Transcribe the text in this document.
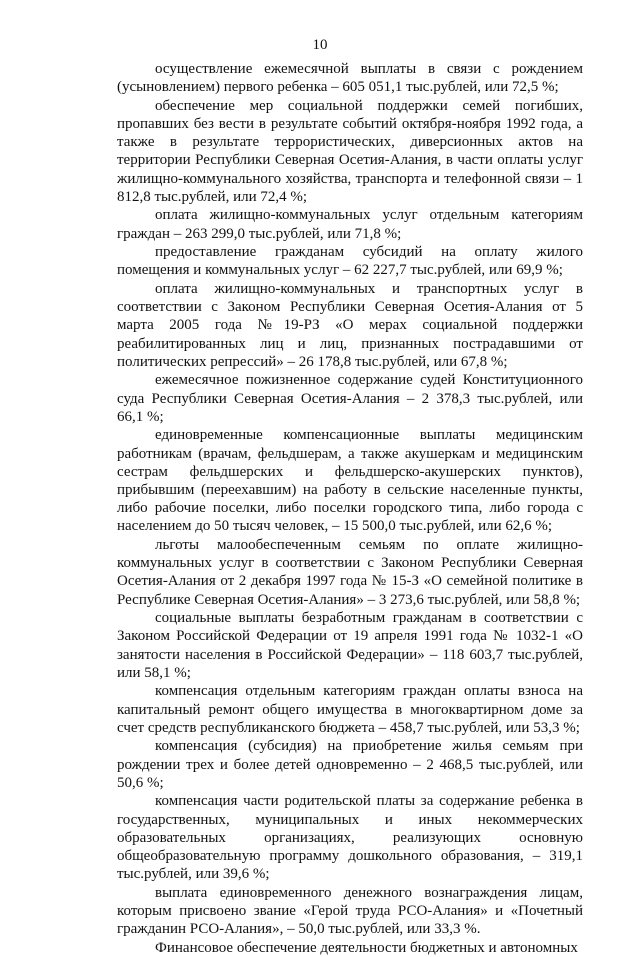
10

осуществление ежемесячной выплаты в связи с рождением (усыновлением) первого ребенка – 605 051,1 тыс.рублей, или 72,5 %;

обеспечение мер социальной поддержки семей погибших, пропавших без вести в результате событий октября-ноября 1992 года, а также в результате террористических, диверсионных актов на территории Республики Северная Осетия-Алания, в части оплаты услуг жилищно-коммунального хозяйства, транспорта и телефонной связи – 1 812,8 тыс.рублей, или 72,4 %;

оплата жилищно-коммунальных услуг отдельным категориям граждан – 263 299,0 тыс.рублей, или 71,8 %;

предоставление гражданам субсидий на оплату жилого помещения и коммунальных услуг – 62 227,7 тыс.рублей, или 69,9 %;

оплата жилищно-коммунальных и транспортных услуг в соответствии с Законом Республики Северная Осетия-Алания от 5 марта 2005 года №19-РЗ «О мерах социальной поддержки реабилитированных лиц и лиц, признанных пострадавшими от политических репрессий» – 26 178,8 тыс.рублей, или 67,8 %;

ежемесячное пожизненное содержание судей Конституционного суда Республики Северная Осетия-Алания – 2 378,3 тыс.рублей, или 66,1 %;

единовременные компенсационные выплаты медицинским работникам (врачам, фельдшерам, а также акушеркам и медицинским сестрам фельдшерских и фельдшерско-акушерских пунктов), прибывшим (переехавшим) на работу в сельские населенные пункты, либо рабочие поселки, либо поселки городского типа, либо города с населением до 50 тысяч человек, – 15 500,0 тыс.рублей, или 62,6 %;

льготы малообеспеченным семьям по оплате жилищно-коммунальных услуг в соответствии с Законом Республики Северная Осетия-Алания от 2 декабря 1997 года № 15-З «О семейной политике в Республике Северная Осетия-Алания» – 3 273,6 тыс.рублей, или 58,8 %;

социальные выплаты безработным гражданам в соответствии с Законом Российской Федерации от 19 апреля 1991 года № 1032-1 «О занятости населения в Российской Федерации» – 118 603,7 тыс.рублей, или 58,1 %;

компенсация отдельным категориям граждан оплаты взноса на капитальный ремонт общего имущества в многоквартирном доме за счет средств республиканского бюджета – 458,7 тыс.рублей, или 53,3 %;

компенсация (субсидия) на приобретение жилья семьям при рождении трех и более детей одновременно – 2 468,5 тыс.рублей, или 50,6 %;

компенсация части родительской платы за содержание ребенка в государственных, муниципальных и иных некоммерческих образовательных организациях, реализующих основную общеобразовательную программу дошкольного образования, – 319,1 тыс.рублей, или 39,6 %;

выплата единовременного денежного вознаграждения лицам, которым присвоено звание «Герой труда РСО-Алания» и «Почетный гражданин РСО-Алания», – 50,0 тыс.рублей, или 33,3 %.

Финансовое обеспечение деятельности бюджетных и автономных
